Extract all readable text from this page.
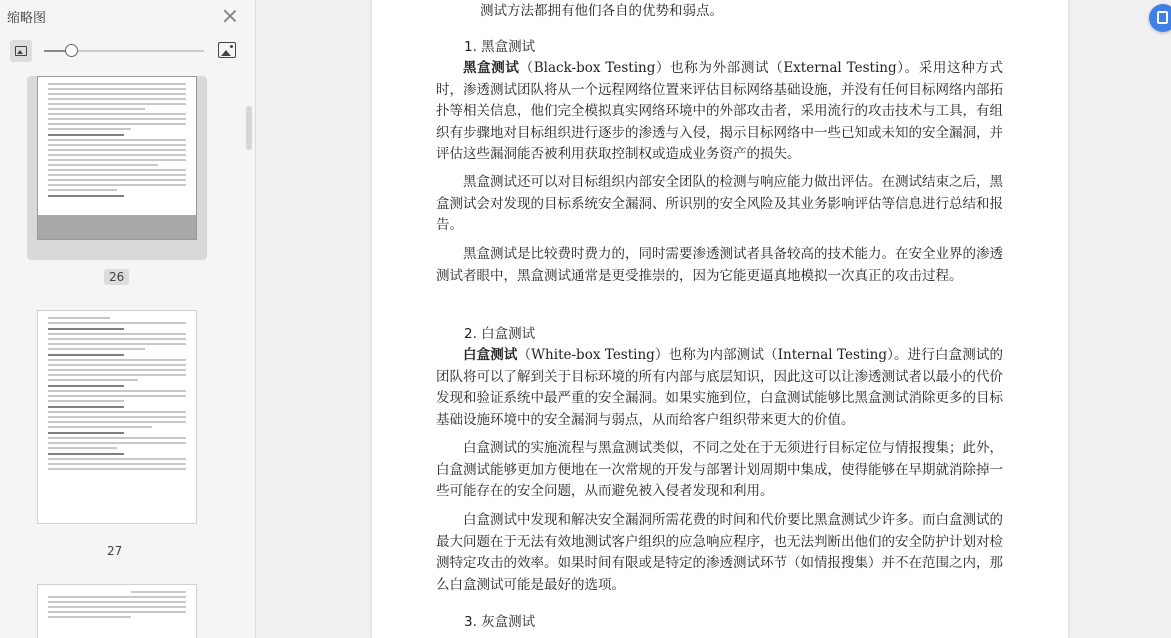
缩略图
26
27
测试方法都拥有他们各自的优势和弱点。
1. 黑盒测试
黑盒测试（Black-box Testing）也称为外部测试（External Testing）。采用这种方式时，渗透测试团队将从一个远程网络位置来评估目标网络基础设施，并没有任何目标网络内部拓扑等相关信息，他们完全模拟真实网络环境中的外部攻击者，采用流行的攻击技术与工具，有组织有步骤地对目标组织进行逐步的渗透与入侵，揭示目标网络中一些已知或未知的安全漏洞，并评估这些漏洞能否被利用获取控制权或造成业务资产的损失。
黑盒测试还可以对目标组织内部安全团队的检测与响应能力做出评估。在测试结束之后，黑盒测试会对发现的目标系统安全漏洞、所识别的安全风险及其业务影响评估等信息进行总结和报告。
黑盒测试是比较费时费力的，同时需要渗透测试者具备较高的技术能力。在安全业界的渗透测试者眼中，黑盒测试通常是更受推崇的，因为它能更逼真地模拟一次真正的攻击过程。
2. 白盒测试
白盒测试（White-box Testing）也称为内部测试（Internal Testing）。进行白盒测试的团队将可以了解到关于目标环境的所有内部与底层知识，因此这可以让渗透测试者以最小的代价发现和验证系统中最严重的安全漏洞。如果实施到位，白盒测试能够比黑盒测试消除更多的目标基础设施环境中的安全漏洞与弱点，从而给客户组织带来更大的价值。
白盒测试的实施流程与黑盒测试类似，不同之处在于无须进行目标定位与情报搜集；此外，白盒测试能够更加方便地在一次常规的开发与部署计划周期中集成，使得能够在早期就消除掉一些可能存在的安全问题，从而避免被入侵者发现和利用。
白盒测试中发现和解决安全漏洞所需花费的时间和代价要比黑盒测试少许多。而白盒测试的最大问题在于无法有效地测试客户组织的应急响应程序，也无法判断出他们的安全防护计划对检测特定攻击的效率。如果时间有限或是特定的渗透测试环节（如情报搜集）并不在范围之内，那么白盒测试可能是最好的选项。
3. 灰盒测试
